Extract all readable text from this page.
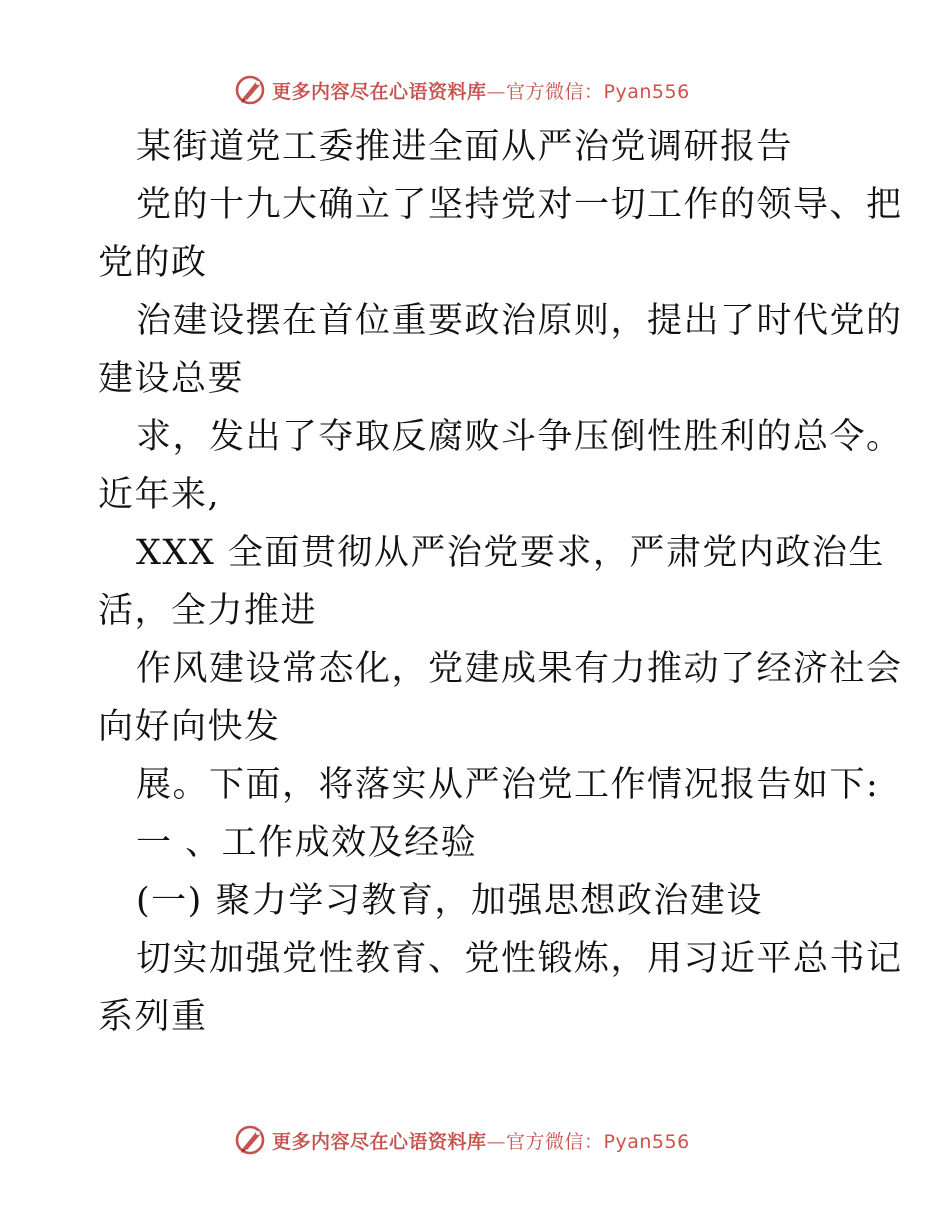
更多内容尽在心语资料库—官方微信：Pyan556
某街道党工委推进全面从严治党调研报告
党的十九大确立了坚持党对一切工作的领导、把
党的政
治建设摆在首位重要政治原则，提出了时代党的
建设总要
求，发出了夺取反腐败斗争压倒性胜利的总令。
近年来,
XXX 全面贯彻从严治党要求，严肃党内政治生
活，全力推进
作风建设常态化，党建成果有力推动了经济社会
向好向快发
展。下面，将落实从严治党工作情况报告如下:
一 、工作成效及经验
(一) 聚力学习教育，加强思想政治建设
切实加强党性教育、党性锻炼，用习近平总书记
系列重
更多内容尽在心语资料库—官方微信：Pyan556
